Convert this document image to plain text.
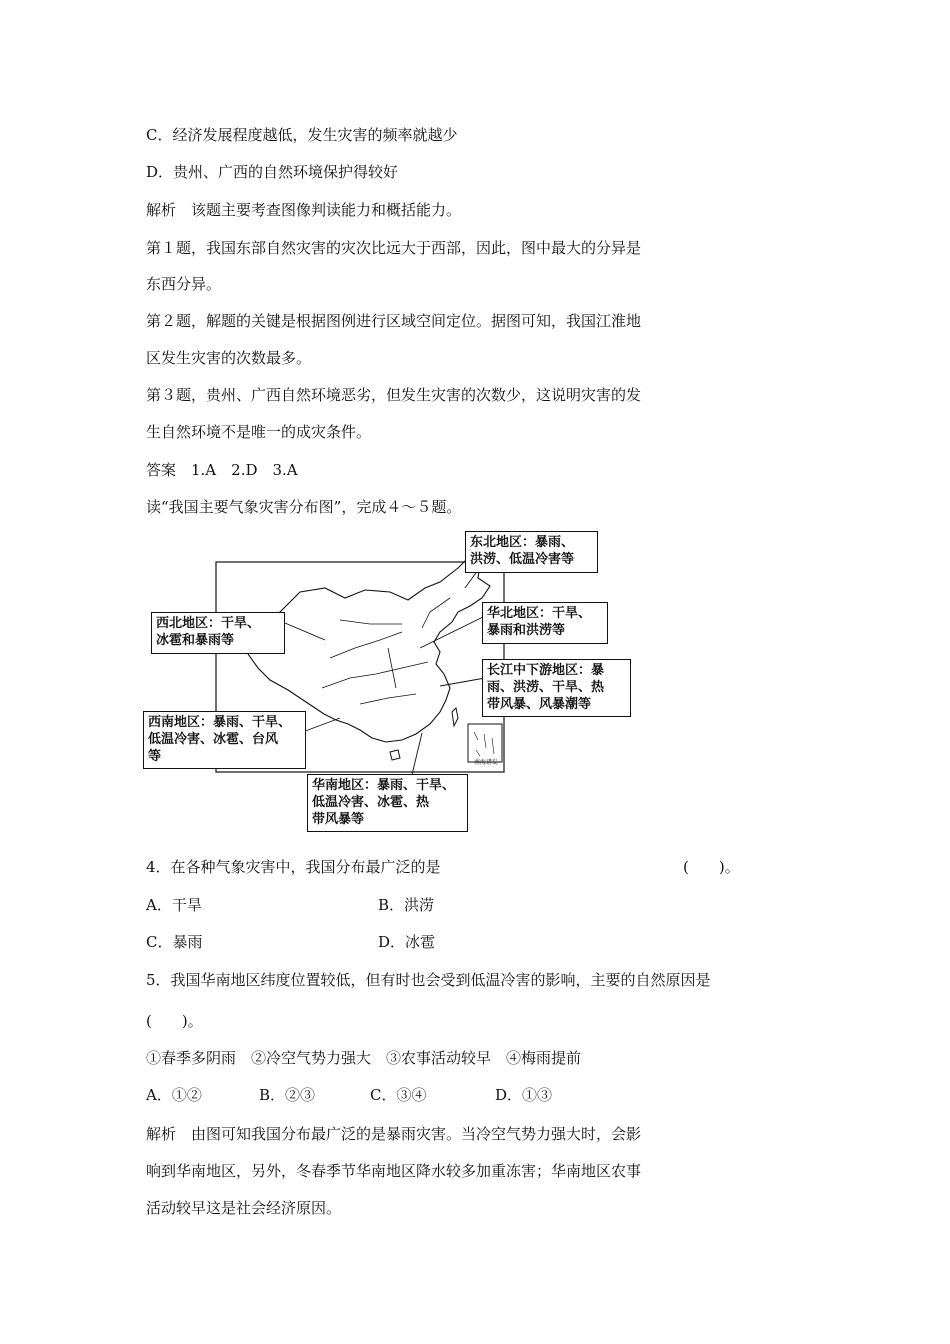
C．经济发展程度越低，发生灾害的频率就越少
D．贵州、广西的自然环境保护得较好
解析　该题主要考查图像判读能力和概括能力。
第１题，我国东部自然灾害的灾次比远大于西部，因此，图中最大的分异是
东西分异。
第２题，解题的关键是根据图例进行区域空间定位。据图可知，我国江淮地
区发生灾害的次数最多。
第３题，贵州、广西自然环境恶劣，但发生灾害的次数少，这说明灾害的发
生自然环境不是唯一的成灾条件。
答案　1.A　2.D　3.A
读“我国主要气象灾害分布图”，完成４～５题。
东北地区：暴雨、
洪涝、低温冷害等
西北地区：干旱、
冰雹和暴雨等
华北地区：干旱、
暴雨和洪涝等
长江中下游地区：暴
雨、洪涝、干旱、热
带风暴、风暴潮等
西南地区：暴雨、干旱、
低温冷害、冰雹、台风
等
华南地区：暴雨、干旱、
低温冷害、冰雹、热
带风暴等
南海诸岛
4．在各种气象灾害中，我国分布最广泛的是	(　　)。
A．干旱	B．洪涝
C．暴雨	D．冰雹
5．我国华南地区纬度位置较低，但有时也会受到低温冷害的影响，主要的自然原因是
(　　)。
①春季多阴雨　②冷空气势力强大　③农事活动较早　④梅雨提前
A．①②	B．②③	C．③④	D．①③
解析　由图可知我国分布最广泛的是暴雨灾害。当冷空气势力强大时，会影
响到华南地区，另外，冬春季节华南地区降水较多加重冻害；华南地区农事
活动较早这是社会经济原因。
